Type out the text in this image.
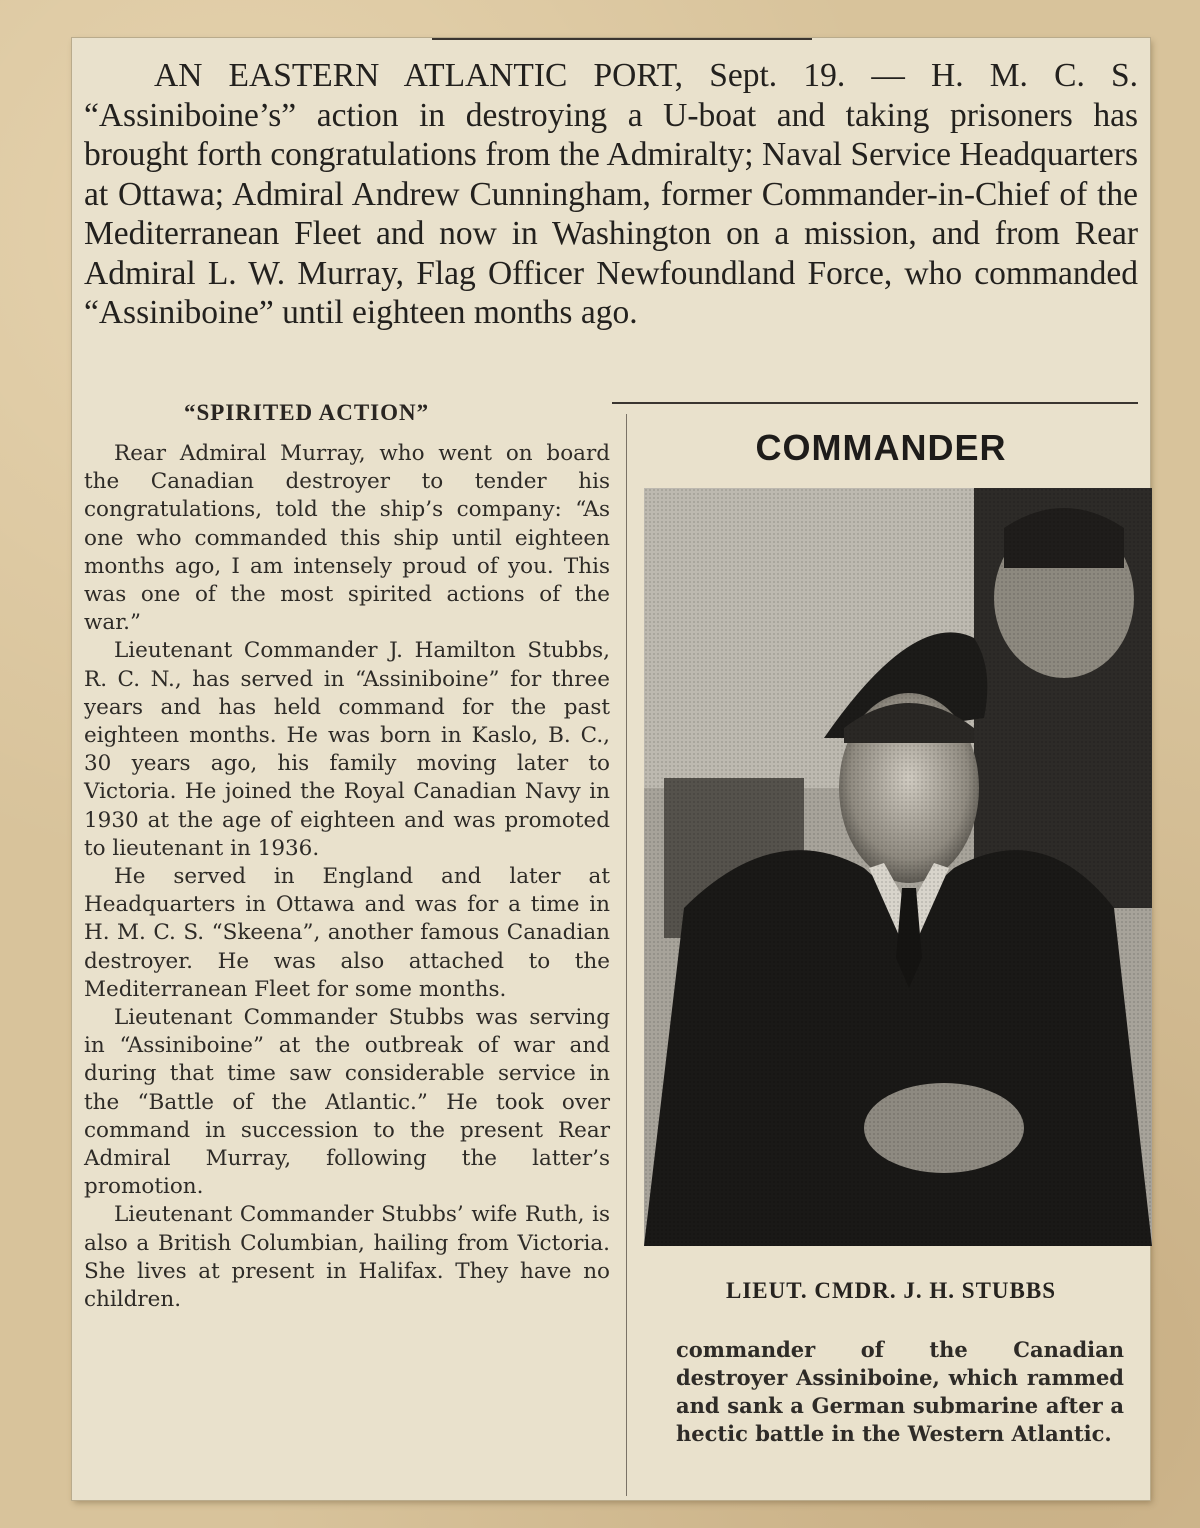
AN EASTERN ATLANTIC PORT, Sept. 19. — H. M. C. S. “Assiniboine’s” action in destroying a U-boat and taking prisoners has brought forth congratulations from the Admiralty; Naval Service Headquarters at Ottawa; Admiral Andrew Cunningham, former Commander-in-Chief of the Mediterranean Fleet and now in Washington on a mission, and from Rear Admiral L. W. Murray, Flag Officer Newfoundland Force, who commanded “Assiniboine” until eighteen months ago.
“SPIRITED ACTION”

Rear Admiral Murray, who went on board the Canadian destroyer to tender his congratulations, told the ship’s company: “As one who commanded this ship until eighteen months ago, I am intensely proud of you. This was one of the most spirited actions of the war.”

Lieutenant Commander J. Hamilton Stubbs, R. C. N., has served in “Assiniboine” for three years and has held command for the past eighteen months. He was born in Kaslo, B. C., 30 years ago, his family moving later to Victoria. He joined the Royal Canadian Navy in 1930 at the age of eighteen and was promoted to lieutenant in 1936.

He served in England and later at Headquarters in Ottawa and was for a time in H. M. C. S. “Skeena”, another famous Canadian destroyer. He was also attached to the Mediterranean Fleet for some months.

Lieutenant Commander Stubbs was serving in “Assiniboine” at the outbreak of war and during that time saw considerable service in the “Battle of the Atlantic.” He took over command in succession to the present Rear Admiral Murray, following the latter’s promotion.

Lieutenant Commander Stubbs’ wife Ruth, is also a British Columbian, hailing from Victoria. She lives at present in Halifax. They have no children.

COMMANDER
LIEUT. CMDR. J. H. STUBBS
commander of the Canadian destroyer Assiniboine, which rammed and sank a German submarine after a hectic battle in the Western Atlantic.
